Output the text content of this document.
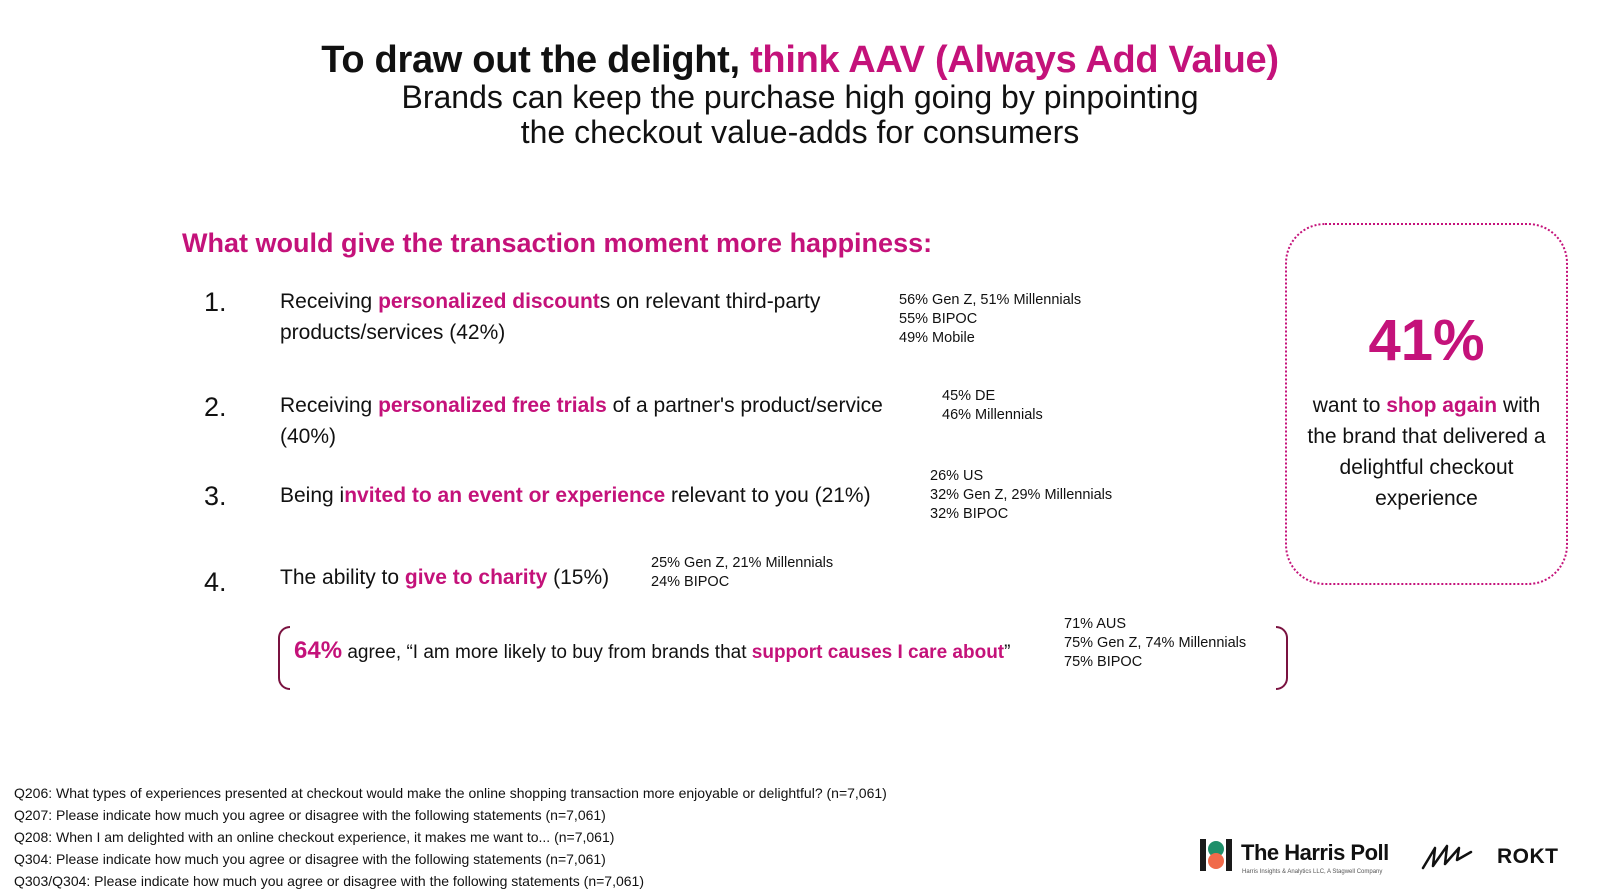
To draw out the delight, think AAV (Always Add Value)
Brands can keep the purchase high going by pinpointing
the checkout value-adds for consumers
What would give the transaction moment more happiness:
1.	Receiving personalized discounts on relevant third-party products/services (42%)
56% Gen Z, 51% Millennials
55% BIPOC
49% Mobile
2.	Receiving personalized free trials of a partner's product/service (40%)
45% DE
46% Millennials
3.	Being invited to an event or experience relevant to you (21%)
26% US
32% Gen Z, 29% Millennials
32% BIPOC
4.	The ability to give to charity (15%)
25% Gen Z, 21% Millennials
24% BIPOC
64% agree, “I am more likely to buy from brands that support causes I care about”
71% AUS
75% Gen Z, 74% Millennials
75% BIPOC
41%
want to shop again with the brand that delivered a delightful checkout experience
Q206: What types of experiences presented at checkout would make the online shopping transaction more enjoyable or delightful? (n=7,061)
Q207: Please indicate how much you agree or disagree with the following statements (n=7,061)
Q208: When I am delighted with an online checkout experience, it makes me want to... (n=7,061)
Q304: Please indicate how much you agree or disagree with the following statements (n=7,061)
Q303/Q304: Please indicate how much you agree or disagree with the following statements (n=7,061)
The Harris Poll
Harris Insights & Analytics LLC, A Stagwell Company
ROKT
